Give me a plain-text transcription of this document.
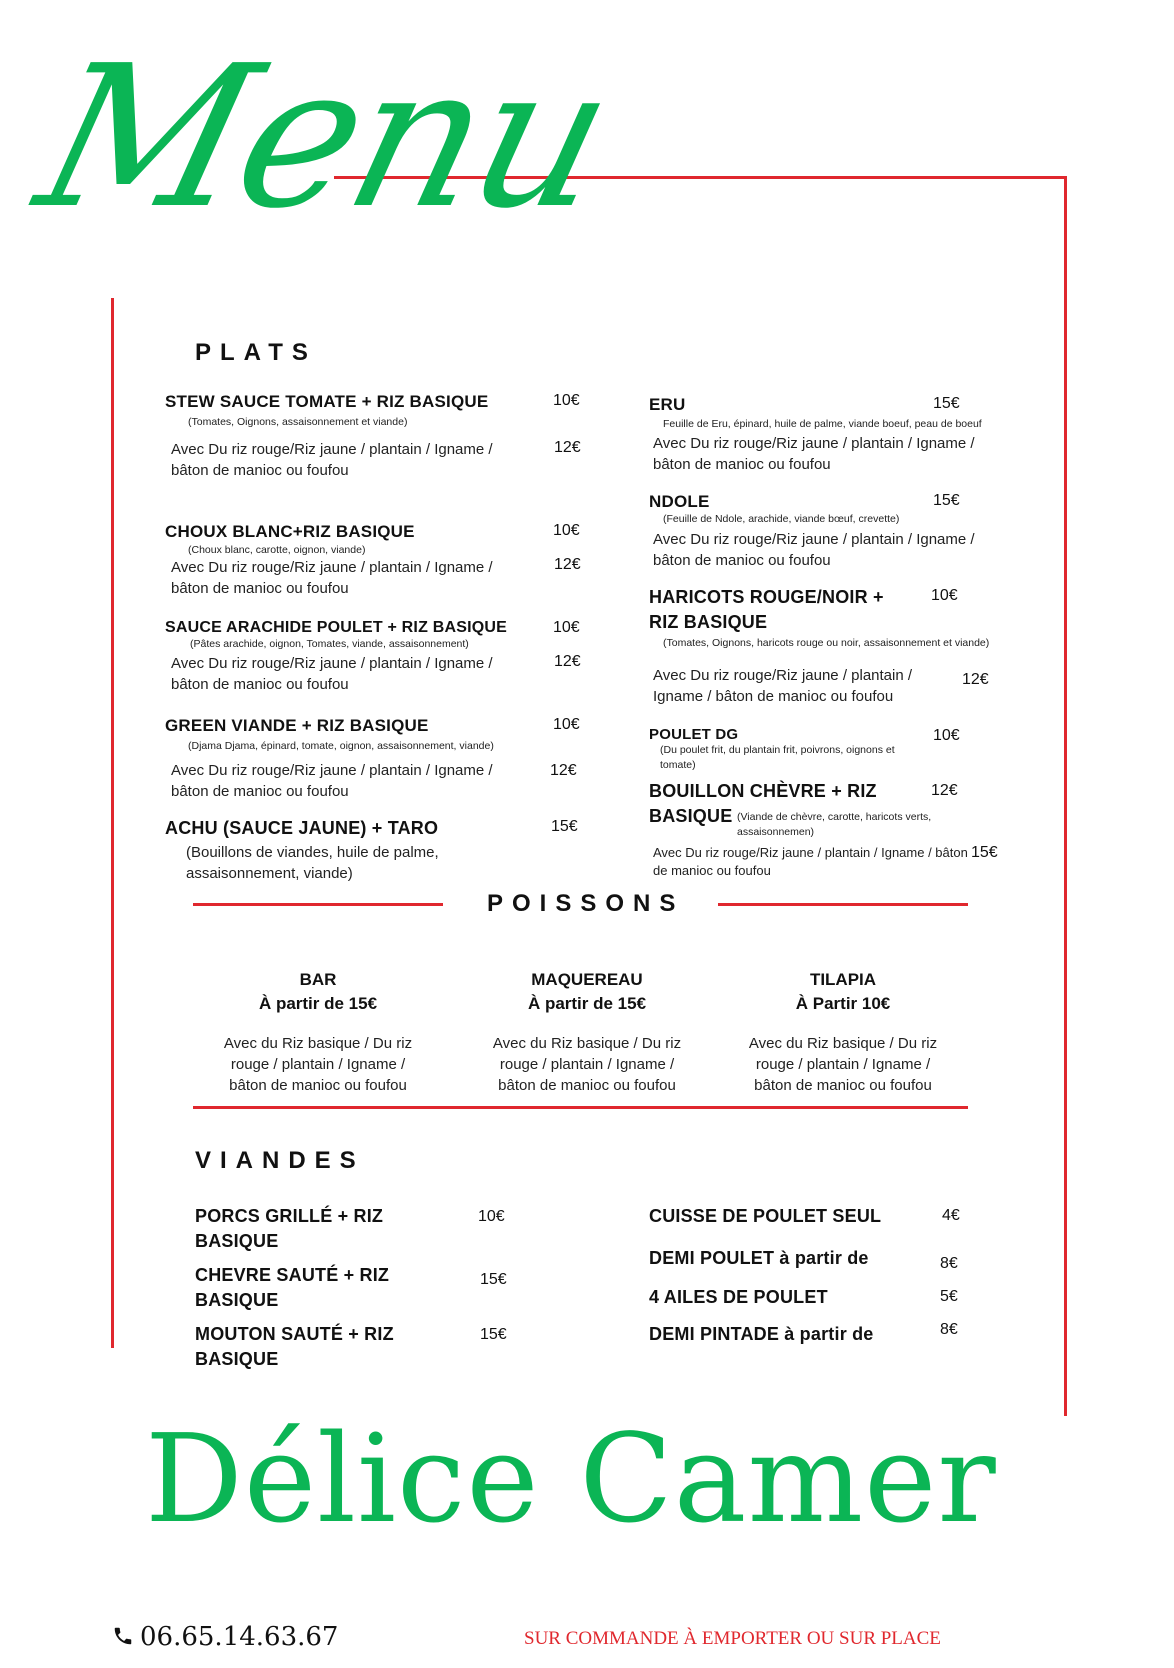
Menu
PLATS
STEW SAUCE TOMATE + RIZ BASIQUE	10€
(Tomates, Oignons, assaisonnement et viande)
Avec Du riz rouge/Riz jaune / plantain / Igname / bâton de manioc ou foufou
12€
CHOUX BLANC+RIZ BASIQUE	10€
(Choux blanc, carotte, oignon, viande)
Avec Du riz rouge/Riz jaune / plantain / Igname / bâton de manioc ou foufou
12€
SAUCE ARACHIDE POULET + RIZ BASIQUE	10€
(Pâtes arachide, oignon, Tomates, viande, assaisonnement)
Avec Du riz rouge/Riz jaune / plantain / Igname / bâton de manioc ou foufou
12€
GREEN VIANDE + RIZ BASIQUE	10€
(Djama Djama, épinard, tomate, oignon, assaisonnement, viande)
Avec Du riz rouge/Riz jaune / plantain / Igname / bâton de manioc ou foufou
12€
ACHU (SAUCE JAUNE) + TARO	15€
(Bouillons de viandes, huile de palme, assaisonnement, viande)
ERU	15€
Feuille de Eru, épinard, huile de palme, viande boeuf, peau de boeuf
Avec Du riz rouge/Riz jaune / plantain / Igname / bâton de manioc ou foufou
NDOLE	15€
(Feuille de Ndole, arachide, viande bœuf, crevette)
Avec Du riz rouge/Riz jaune / plantain / Igname / bâton de manioc ou foufou
HARICOTS ROUGE/NOIR + RIZ BASIQUE
10€
(Tomates, Oignons, haricots rouge ou noir, assaisonnement et viande)
Avec Du riz rouge/Riz jaune / plantain / Igname / bâton de manioc ou foufou
12€
POULET DG	10€
(Du poulet frit, du plantain frit, poivrons, oignons et tomate)
BOUILLON CHÈVRE + RIZ BASIQUE
12€
(Viande de chèvre, carotte, haricots verts, assaisonnemen)
Avec Du riz rouge/Riz jaune / plantain / Igname / bâton de manioc ou foufou
15€
POISSONS
BAR
À partir de 15€
Avec du Riz basique / Du riz rouge / plantain / Igname / bâton de manioc ou foufou
MAQUEREAU
À partir de 15€
Avec du Riz basique / Du riz rouge / plantain / Igname / bâton de manioc ou foufou
TILAPIA
À Partir 10€
Avec du Riz basique / Du riz rouge / plantain / Igname / bâton de manioc ou foufou
VIANDES
PORCS GRILLÉ + RIZ BASIQUE
10€
CHEVRE SAUTÉ + RIZ BASIQUE
15€
MOUTON SAUTÉ + RIZ BASIQUE
15€
CUISSE DE POULET SEUL	4€
DEMI POULET à partir de	8€
4 AILES DE POULET	5€
DEMI PINTADE à partir de	8€
Délice Camer
06.65.14.63.67	SUR COMMANDE À EMPORTER OU SUR PLACE
